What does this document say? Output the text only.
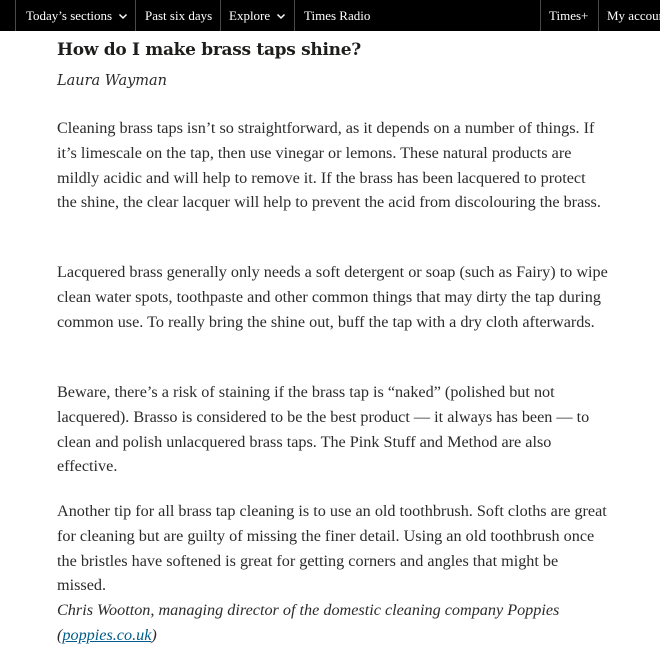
Today’s sections	Past six days Explore	Times Radio	Times+ My account
How do I make brass taps shine?
Laura Wayman

Cleaning brass taps isn’t so straightforward, as it depends on a number of things. If it’s limescale on the tap, then use vinegar or lemons. These natural products are mildly acidic and will help to remove it. If the brass has been lacquered to protect the shine, the clear lacquer will help to prevent the acid from discolouring the brass.

Lacquered brass generally only needs a soft detergent or soap (such as Fairy) to wipe clean water spots, toothpaste and other common things that may dirty the tap during common use. To really bring the shine out, buff the tap with a dry cloth afterwards.

Beware, there’s a risk of staining if the brass tap is “naked” (polished but not lacquered). Brasso is considered to be the best product — it always has been — to clean and polish unlacquered brass taps. The Pink Stuff and Method are also effective.

Another tip for all brass tap cleaning is to use an old toothbrush. Soft cloths are great for cleaning but are guilty of missing the finer detail. Using an old toothbrush once the bristles have softened is great for getting corners and angles that might be missed.

Chris Wootton, managing director of the domestic cleaning company Poppies (poppies.co.uk)
